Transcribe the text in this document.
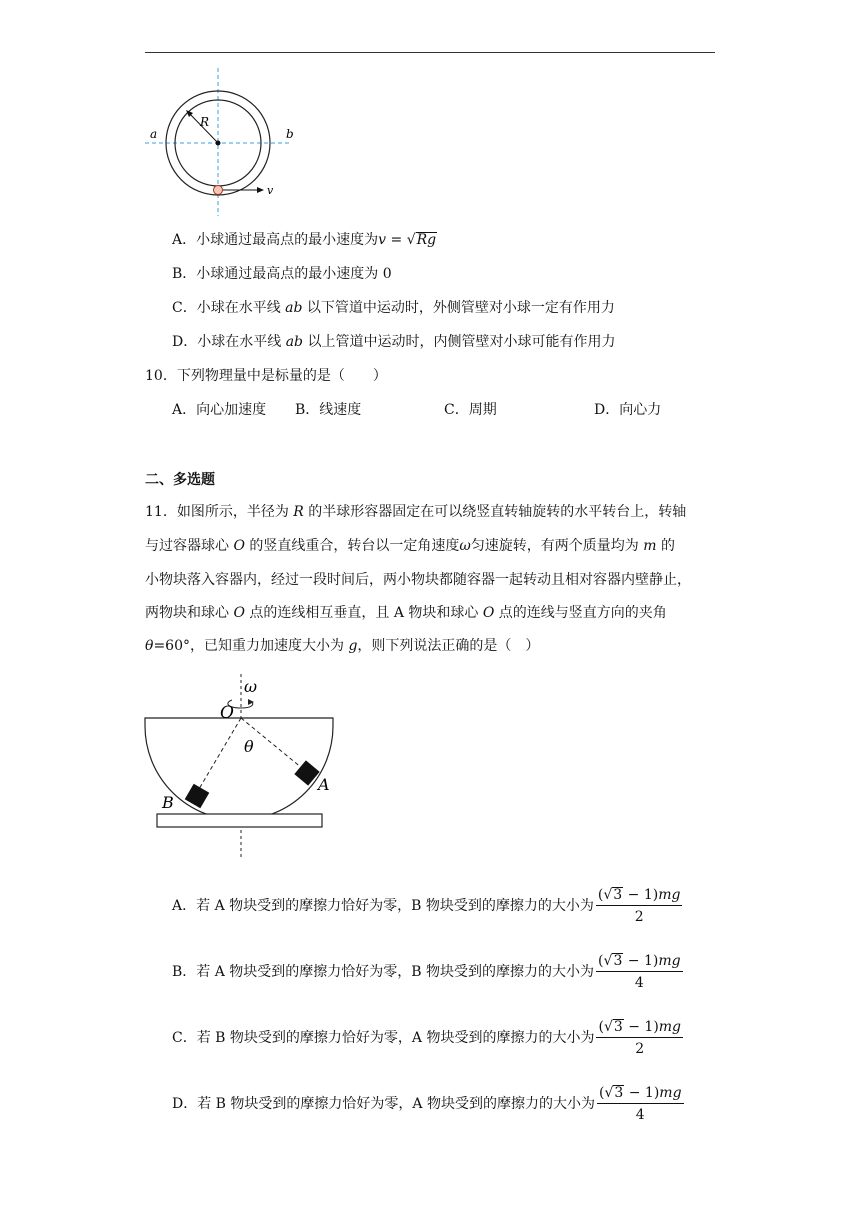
R
a	b
v
A．小球通过最高点的最小速度为v = √Rg
B．小球通过最高点的最小速度为 0
C．小球在水平线 ab 以下管道中运动时，外侧管壁对小球一定有作用力
D．小球在水平线 ab 以上管道中运动时，内侧管壁对小球可能有作用力
10．下列物理量中是标量的是（　　）
A．向心加速度 B．线速度	C．周期	D．向心力
二、多选题
11．如图所示，半径为 R 的半球形容器固定在可以绕竖直转轴旋转的水平转台上，转轴
与过容器球心 O 的竖直线重合，转台以一定角速度ω匀速旋转，有两个质量均为 m 的
小物块落入容器内，经过一段时间后，两小物块都随容器一起转动且相对容器内壁静止，
两物块和球心 O 点的连线相互垂直，且 A 物块和球心 O 点的连线与竖直方向的夹角
θ=60°，已知重力加速度大小为 g，则下列说法正确的是（　）
ω
O
θ
A
B
A．若 A 物块受到的摩擦力恰好为零，B 物块受到的摩擦力的大小为 $\frac{(√3 - 1)mg}{2}$
B．若 A 物块受到的摩擦力恰好为零，B 物块受到的摩擦力的大小为 $\frac{(√3 - 1)mg}{4}$
C．若 B 物块受到的摩擦力恰好为零，A 物块受到的摩擦力的大小为 $\frac{(√3 - 1)mg}{2}$
D．若 B 物块受到的摩擦力恰好为零，A 物块受到的摩擦力的大小为 $\frac{(√3 - 1)mg}{4}$
